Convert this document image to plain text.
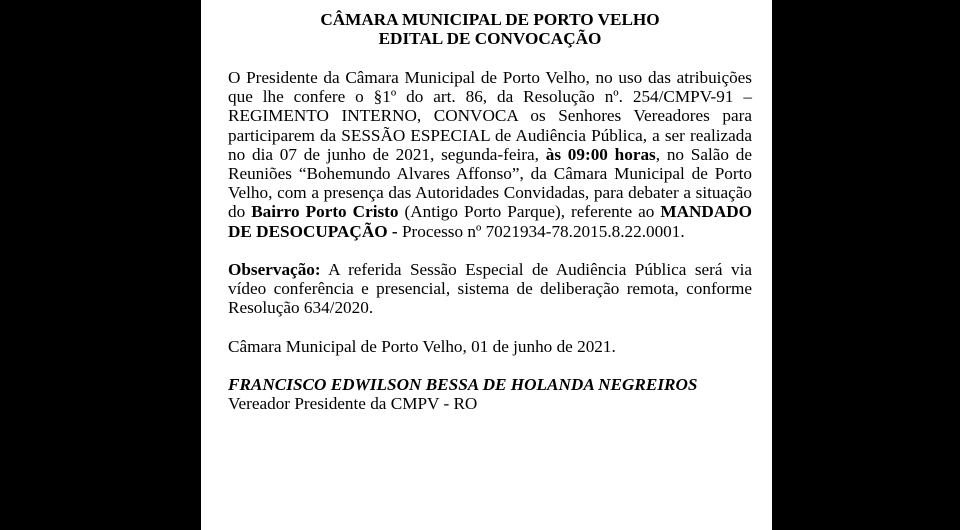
CÂMARA MUNICIPAL DE PORTO VELHO

EDITAL DE CONVOCAÇÃO

O Presidente da Câmara Municipal de Porto Velho, no uso das atribuições que lhe confere o §1º do art. 86, da Resolução nº. 254/CMPV-91 – REGIMENTO INTERNO, CONVOCA os Senhores Vereadores para participarem da SESSÃO ESPECIAL de Audiência Pública, a ser realizada no dia 07 de junho de 2021, segunda-feira, às 09:00 horas, no Salão de Reuniões “Bohemundo Alvares Affonso”, da Câmara Municipal de Porto Velho, com a presença das Autoridades Convidadas, para debater a situação do Bairro Porto Cristo (Antigo Porto Parque), referente ao MANDADO DE DESOCUPAÇÃO - Processo nº 7021934-78.2015.8.22.0001.

Observação: A referida Sessão Especial de Audiência Pública será via vídeo conferência e presencial, sistema de deliberação remota, conforme Resolução 634/2020.

Câmara Municipal de Porto Velho, 01 de junho de 2021.

FRANCISCO EDWILSON BESSA DE HOLANDA NEGREIROS

Vereador Presidente da CMPV - RO
